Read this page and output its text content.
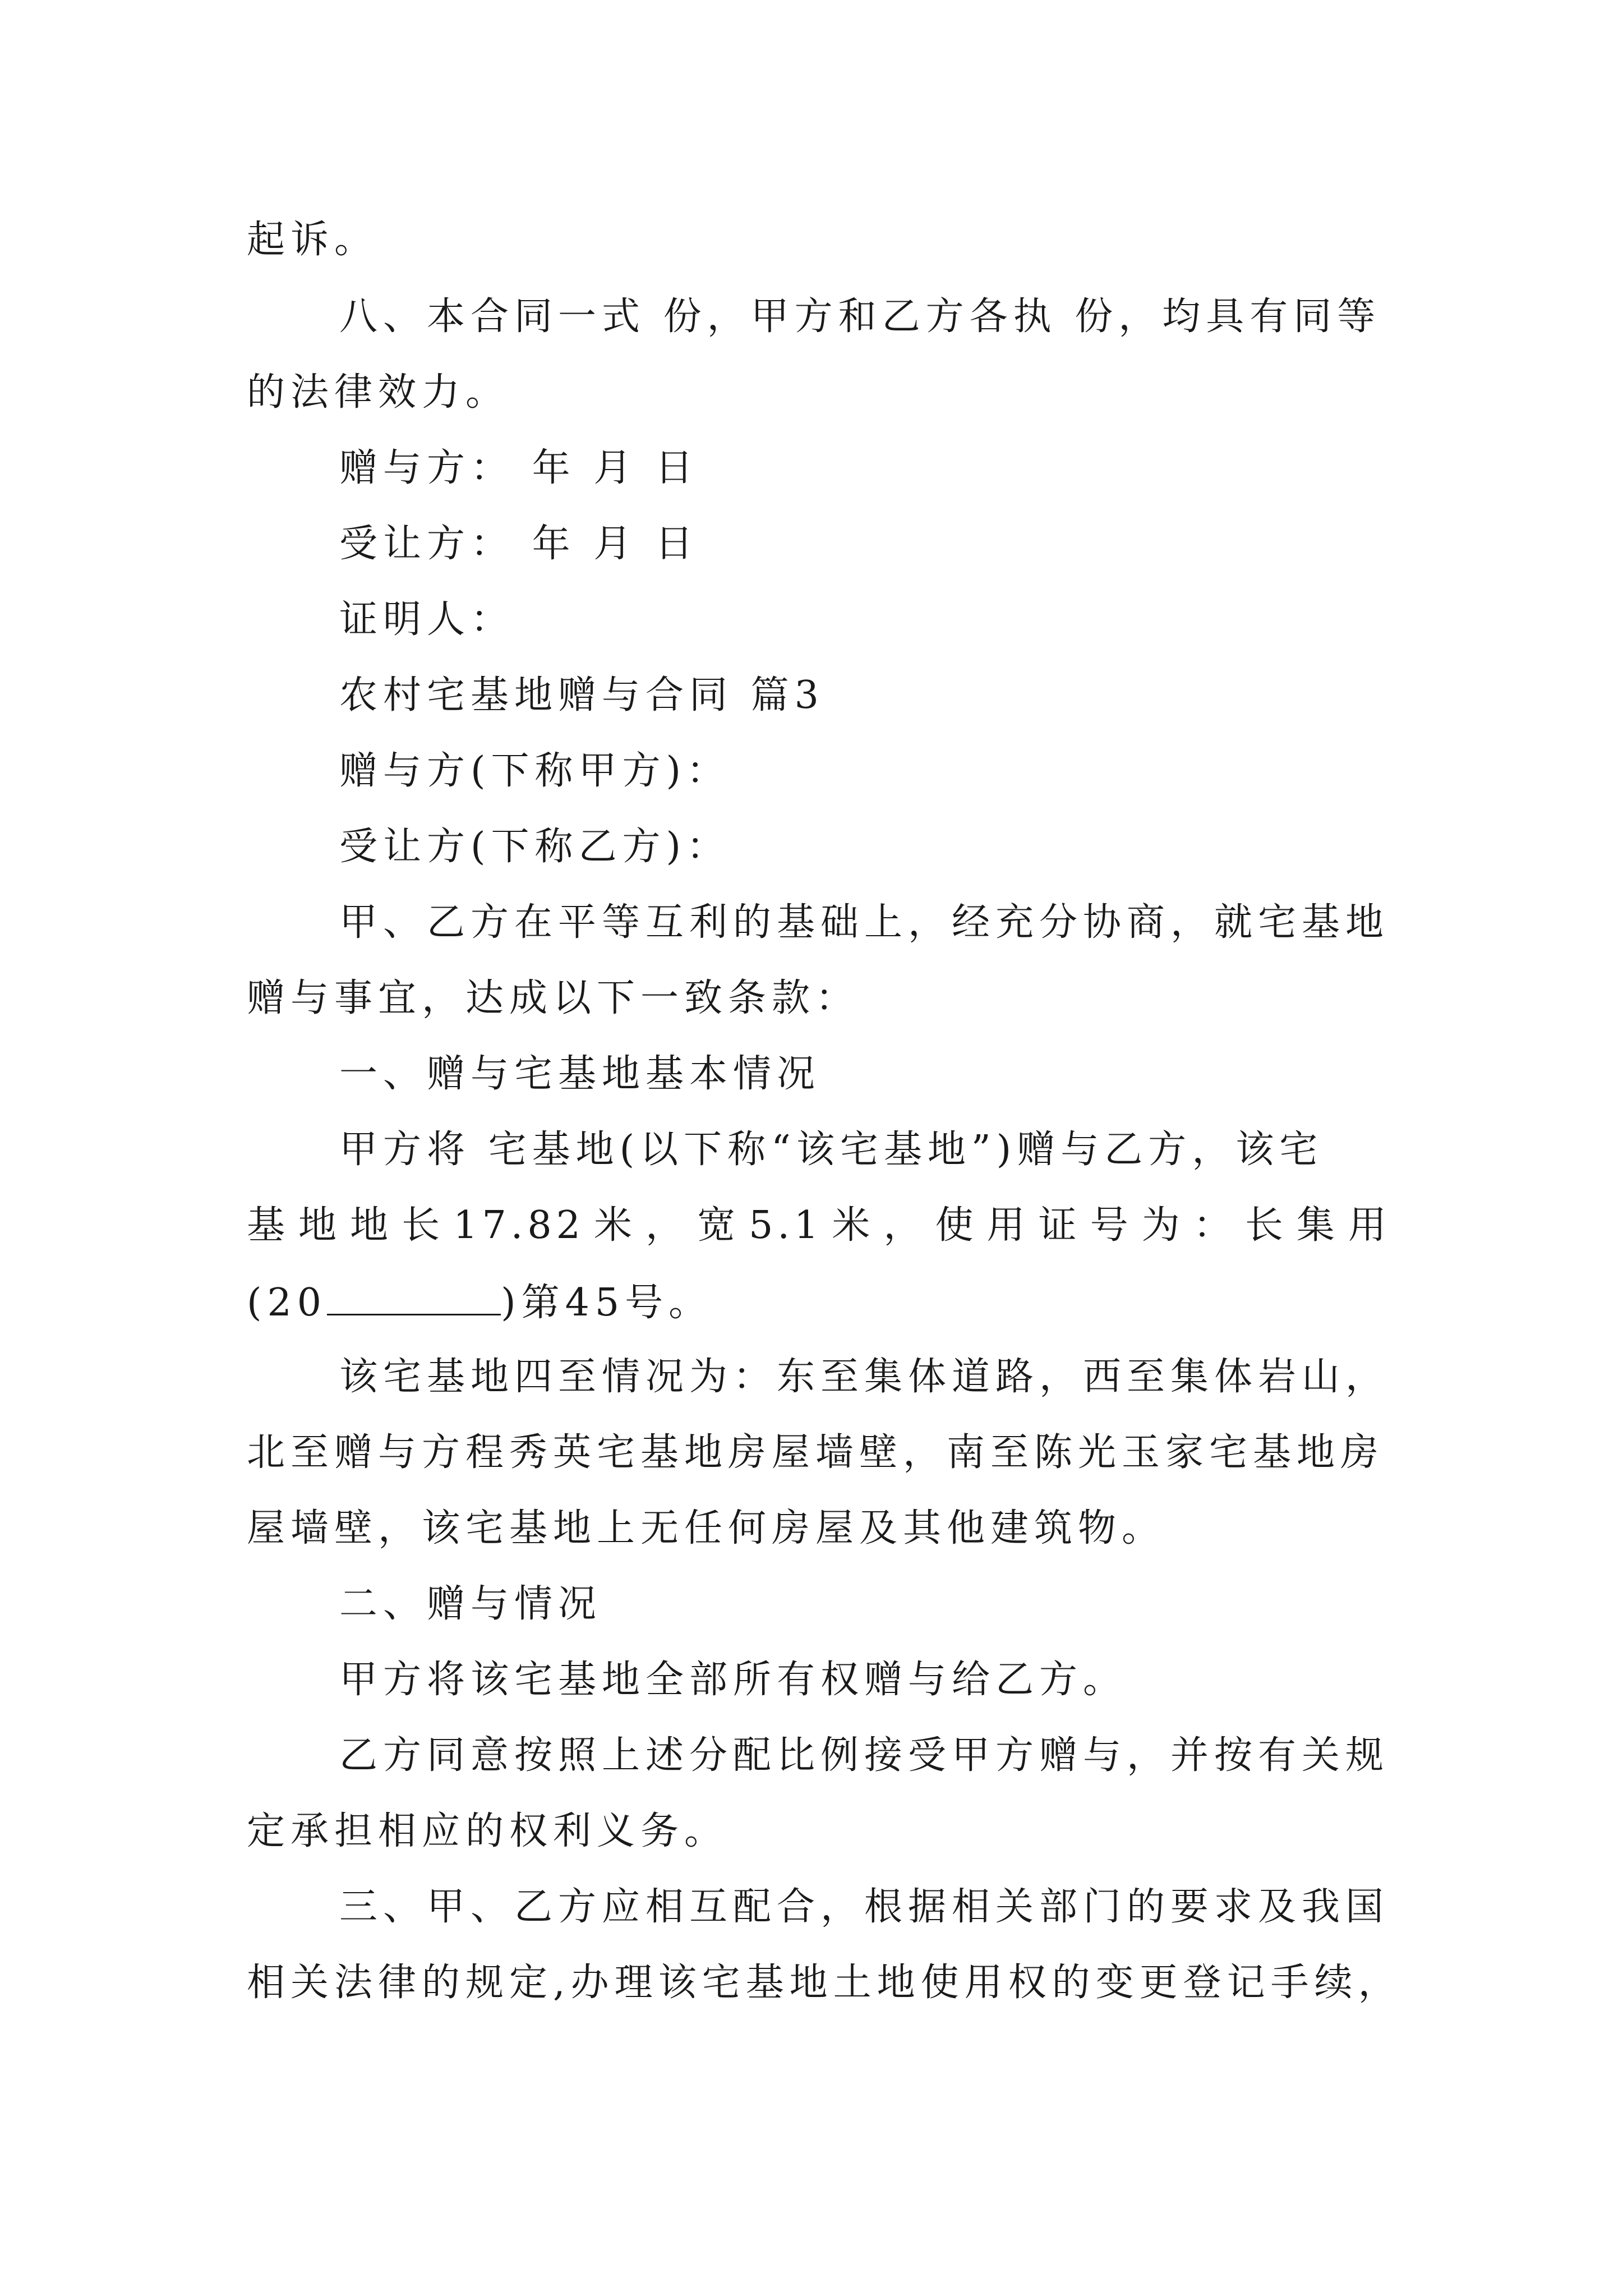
起诉。
八、本合同一式 份，甲方和乙方各执 份，均具有同等
的法律效力。
赠与方： 年 月 日
受让方： 年 月 日
证明人：
农村宅基地赠与合同 篇3
赠与方(下称甲方)：
受让方(下称乙方)：
甲、乙方在平等互利的基础上，经充分协商，就宅基地
赠与事宜，达成以下一致条款：
一、赠与宅基地基本情况
甲方将 宅基地(以下称“该宅基地”)赠与乙方，该宅
基地地长17.82米，宽5.1米，使用证号为：长集用
(20	)第45号。
该宅基地四至情况为：东至集体道路，西至集体岩山，
北至赠与方程秀英宅基地房屋墙壁，南至陈光玉家宅基地房
屋墙壁，该宅基地上无任何房屋及其他建筑物。
二、赠与情况
甲方将该宅基地全部所有权赠与给乙方。
乙方同意按照上述分配比例接受甲方赠与，并按有关规
定承担相应的权利义务。
三、甲、乙方应相互配合，根据相关部门的要求及我国
相关法律的规定,办理该宅基地土地使用权的变更登记手续，
